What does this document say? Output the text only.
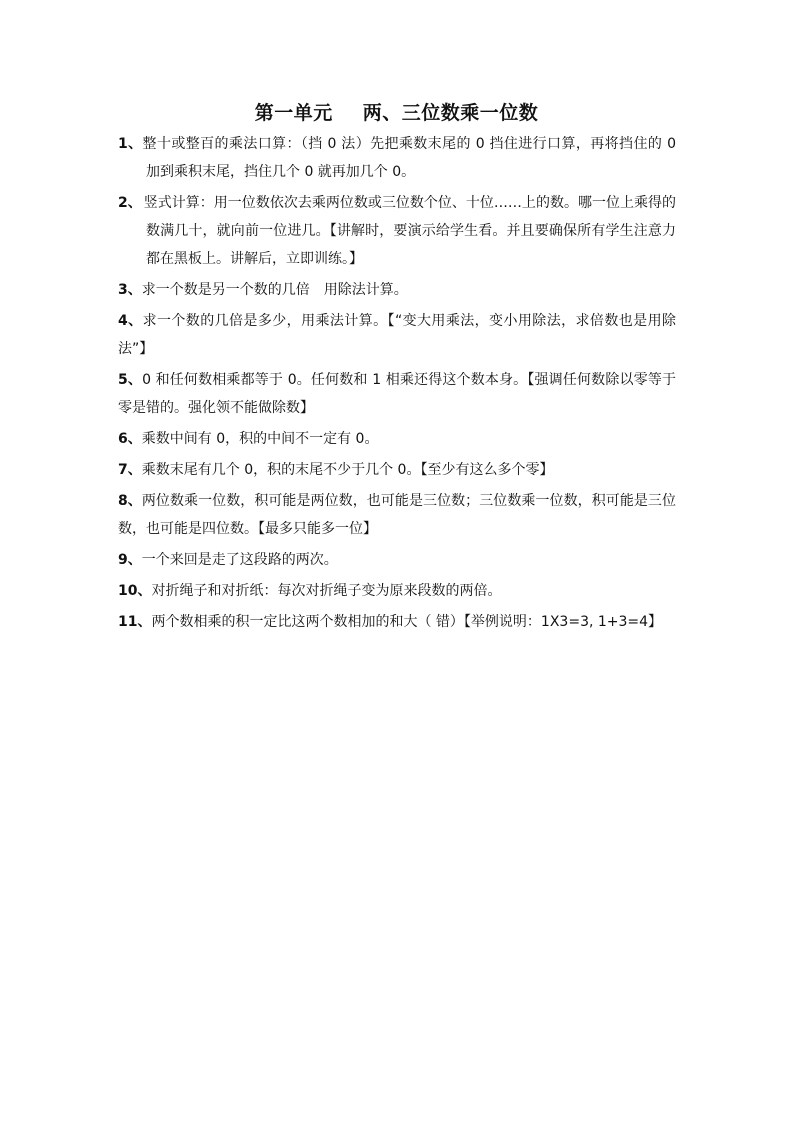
第一单元 两、三位数乘一位数
1、整十或整百的乘法口算：（挡 0 法）先把乘数末尾的 0 挡住进行口算，再将挡住的 0 加到乘积末尾，挡住几个 0 就再加几个 0。
2、 竖式计算：用一位数依次去乘两位数或三位数个位、十位……上的数。哪一位上乘得的数满几十，就向前一位进几。【讲解时，要演示给学生看。并且要确保所有学生注意力都在黑板上。讲解后，立即训练。】
3、求一个数是另一个数的几倍　用除法计算。
4、求一个数的几倍是多少，用乘法计算。【“变大用乘法，变小用除法，求倍数也是用除法”】
5、0 和任何数相乘都等于 0。任何数和 1 相乘还得这个数本身。【强调任何数除以零等于零是错的。强化领不能做除数】
6、乘数中间有 0，积的中间不一定有 0。
7、乘数末尾有几个 0，积的末尾不少于几个 0。【至少有这么多个零】
8、两位数乘一位数，积可能是两位数，也可能是三位数；三位数乘一位数，积可能是三位数，也可能是四位数。【最多只能多一位】
9、一个来回是走了这段路的两次。
10、对折绳子和对折纸：每次对折绳子变为原来段数的两倍。
11、两个数相乘的积一定比这两个数相加的和大（ 错）【举例说明：1X3=3, 1+3=4】
